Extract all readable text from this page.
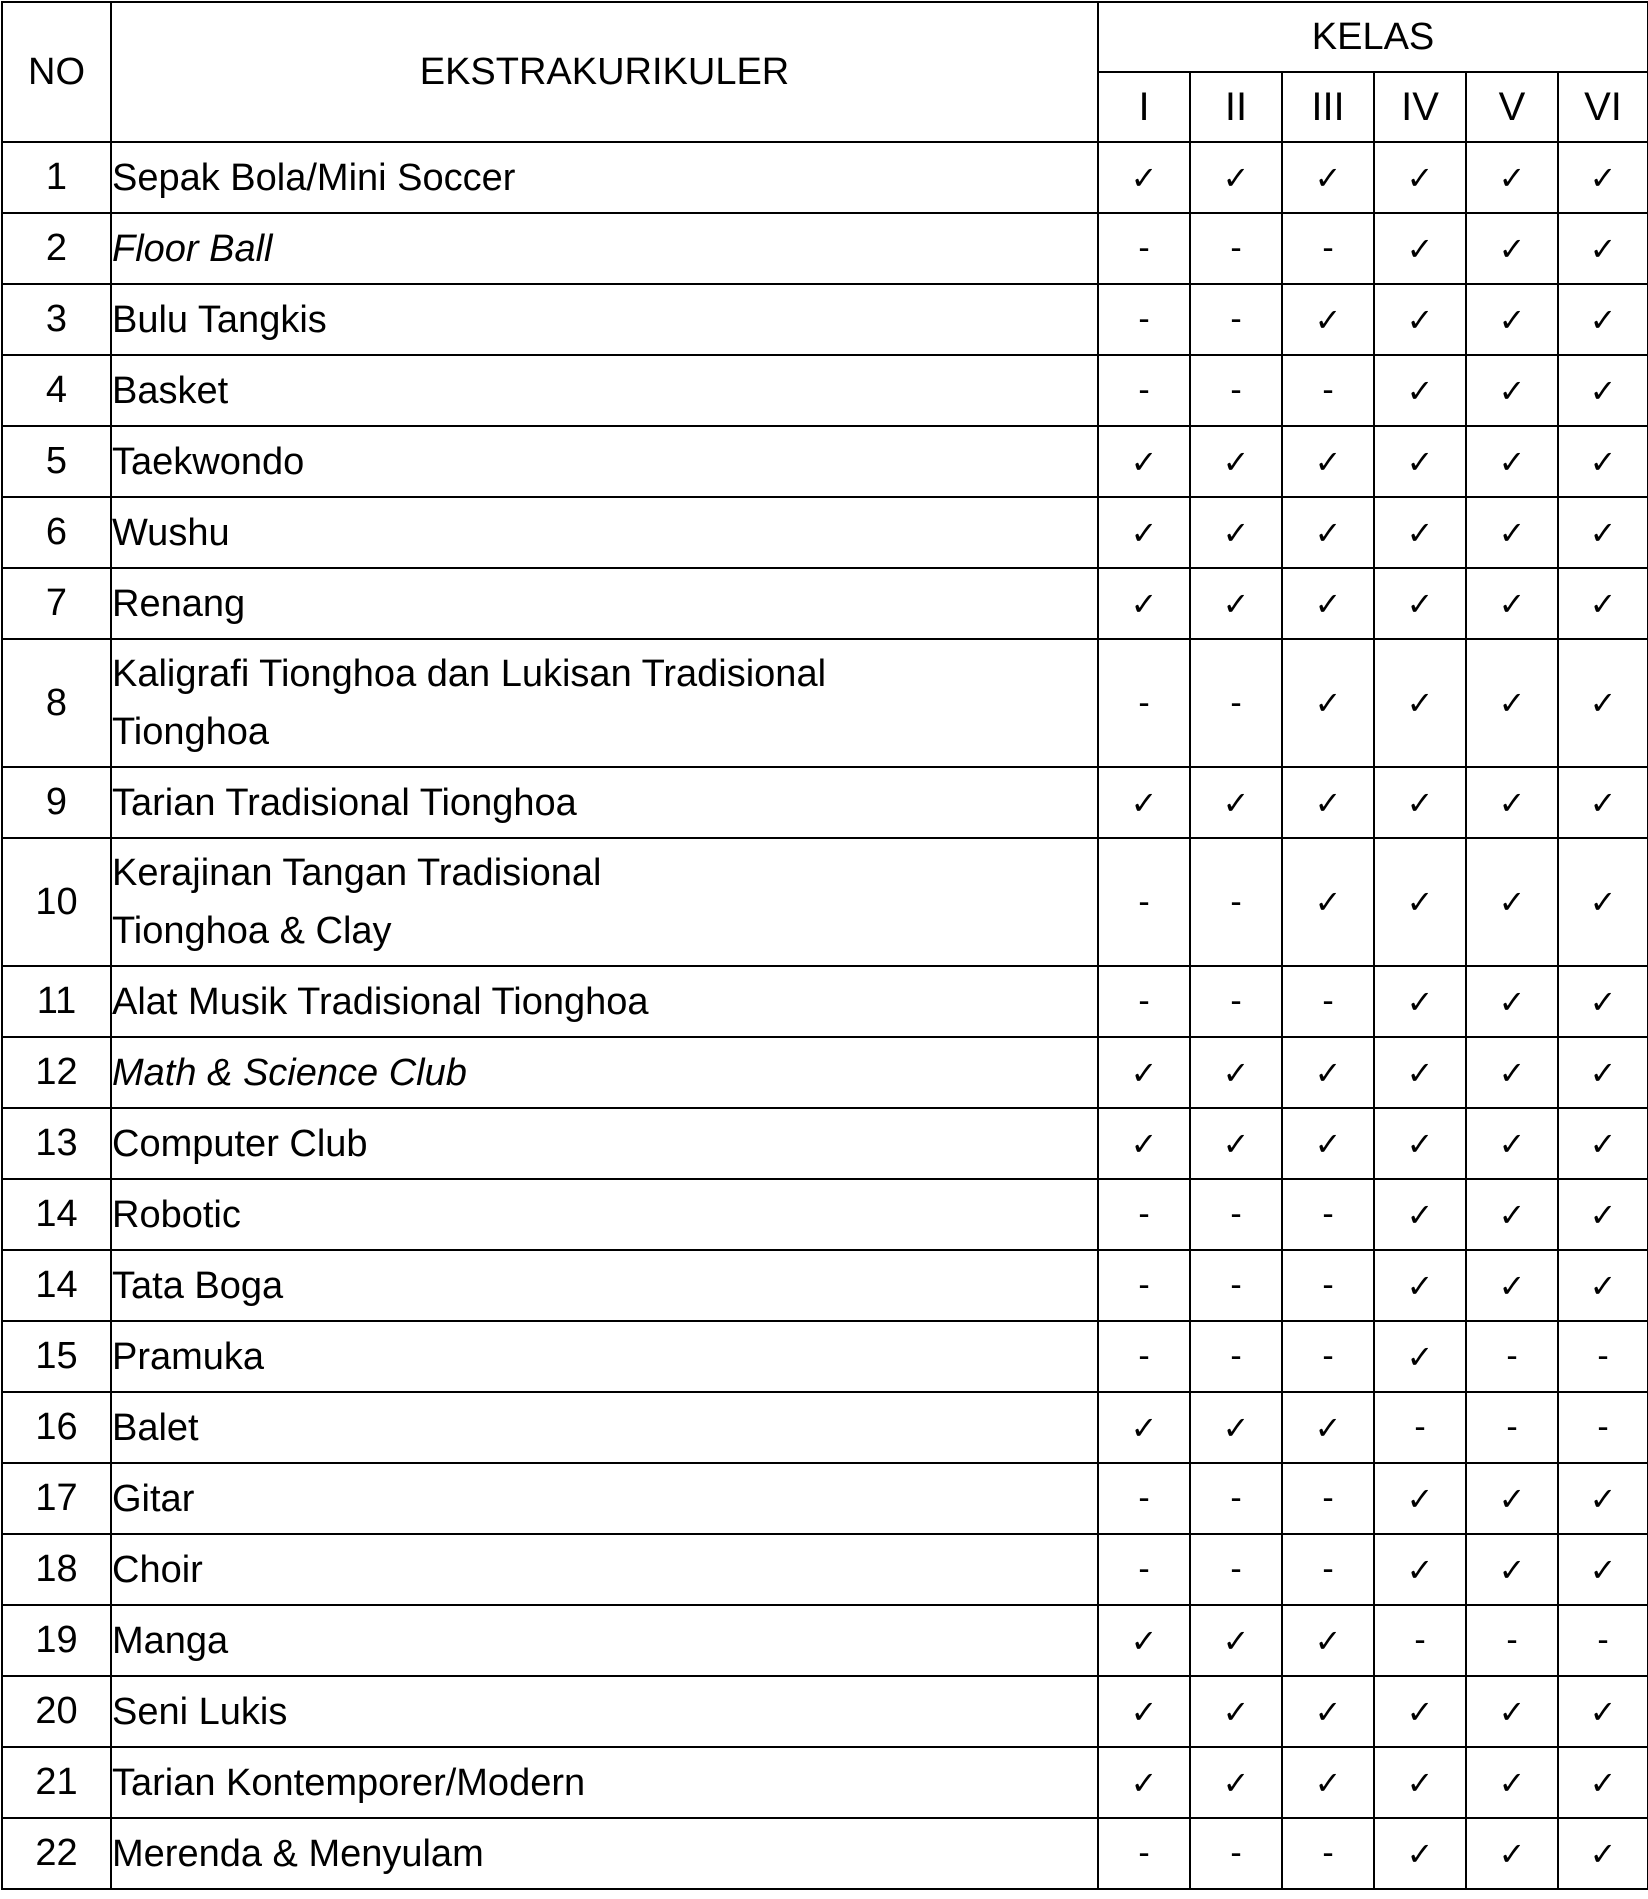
NO	EKSTRAKURIKULER	KELAS					
		I	II	III	IV	V	VI
1	Sepak Bola/Mini Soccer	✓	✓	✓	✓	✓	✓
2	Floor Ball	-	-	-	✓	✓	✓
3	Bulu Tangkis	-	-	✓	✓	✓	✓
4	Basket	-	-	-	✓	✓	✓
5	Taekwondo	✓	✓	✓	✓	✓	✓
6	Wushu	✓	✓	✓	✓	✓	✓
7	Renang	✓	✓	✓	✓	✓	✓
8	Kaligrafi Tionghoa dan Lukisan Tradisional
Tionghoa	-	-	✓	✓	✓	✓
9	Tarian Tradisional Tionghoa	✓	✓	✓	✓	✓	✓
10	Kerajinan Tangan Tradisional
Tionghoa & Clay	-	-	✓	✓	✓	✓
11	Alat Musik Tradisional Tionghoa	-	-	-	✓	✓	✓
12	Math & Science Club	✓	✓	✓	✓	✓	✓
13	Computer Club	✓	✓	✓	✓	✓	✓
14	Robotic	-	-	-	✓	✓	✓
14	Tata Boga	-	-	-	✓	✓	✓
15	Pramuka	-	-	-	✓	-	-
16	Balet	✓	✓	✓	-	-	-
17	Gitar	-	-	-	✓	✓	✓
18	Choir	-	-	-	✓	✓	✓
19	Manga	✓	✓	✓	-	-	-
20	Seni Lukis	✓	✓	✓	✓	✓	✓
21	Tarian Kontemporer/Modern	✓	✓	✓	✓	✓	✓
22	Merenda & Menyulam	-	-	-	✓	✓	✓
